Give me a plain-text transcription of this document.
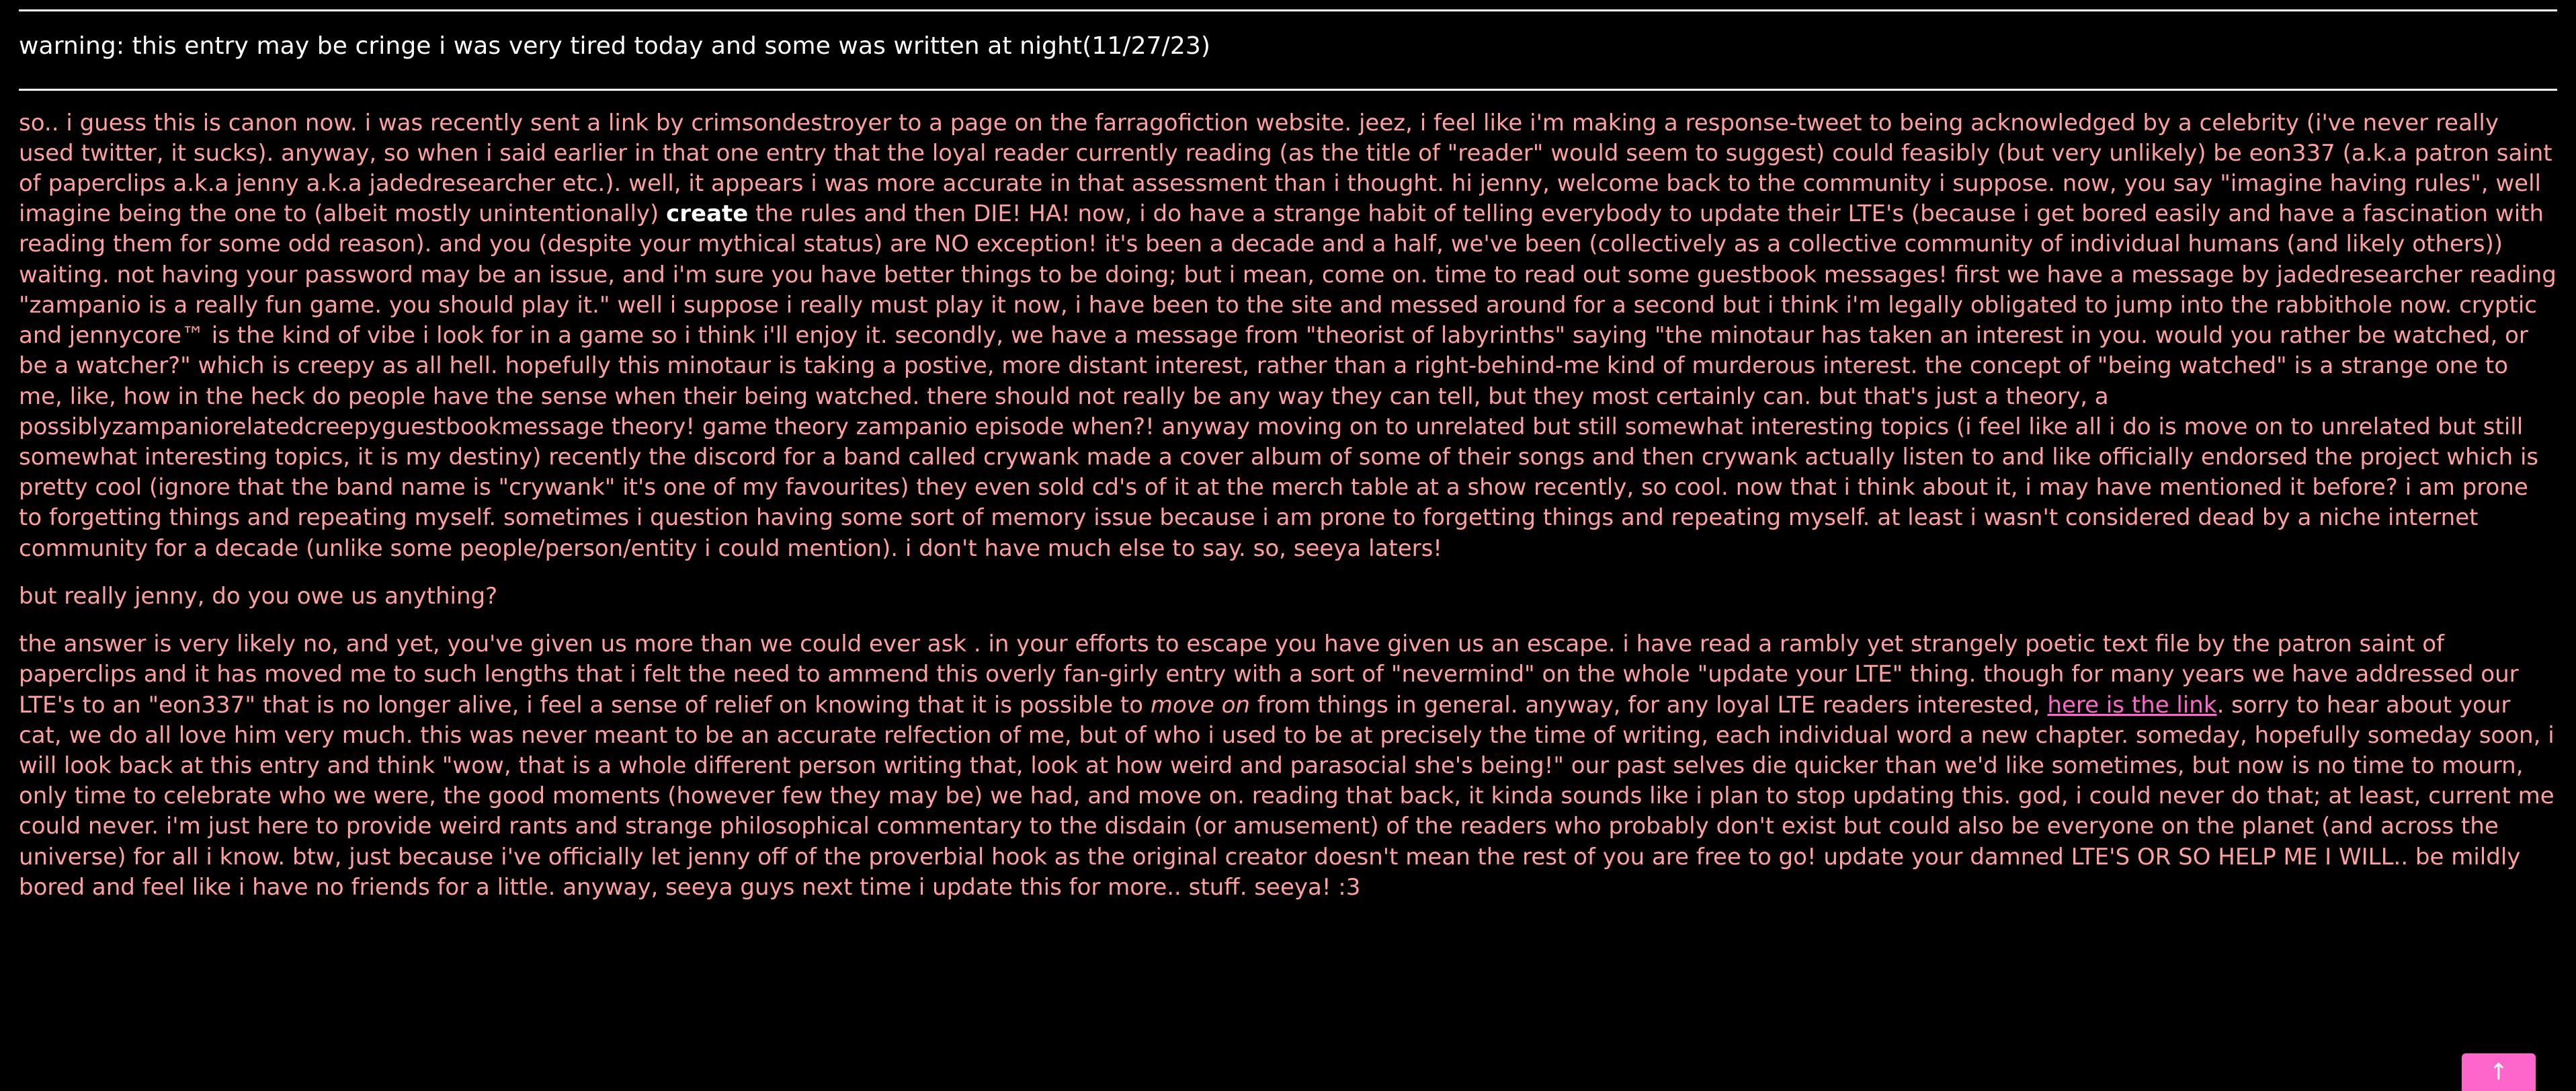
warning: this entry may be cringe i was very tired today and some was written at night(11/27/23)

so.. i guess this is canon now. i was recently sent a link by crimsondestroyer to a page on the farragofiction website. jeez, i feel like i'm making a response-tweet to being acknowledged by a celebrity (i've never really used twitter, it sucks). anyway, so when i said earlier in that one entry that the loyal reader currently reading (as the title of "reader" would seem to suggest) could feasibly (but very unlikely) be eon337 (a.k.a patron saint of paperclips a.k.a jenny a.k.a jadedresearcher etc.). well, it appears i was more accurate in that assessment than i thought. hi jenny, welcome back to the community i suppose. now, you say "imagine having rules", well imagine being the one to (albeit mostly unintentionally) create the rules and then DIE! HA! now, i do have a strange habit of telling everybody to update their LTE's (because i get bored easily and have a fascination with reading them for some odd reason). and you (despite your mythical status) are NO exception! it's been a decade and a half, we've been (collectively as a collective community of individual humans (and likely others)) waiting. not having your password may be an issue, and i'm sure you have better things to be doing; but i mean, come on. time to read out some guestbook messages! first we have a message by jadedresearcher reading "zampanio is a really fun game. you should play it." well i suppose i really must play it now, i have been to the site and messed around for a second but i think i'm legally obligated to jump into the rabbithole now. cryptic and jennycore™ is the kind of vibe i look for in a game so i think i'll enjoy it. secondly, we have a message from "theorist of labyrinths" saying "the minotaur has taken an interest in you. would you rather be watched, or be a watcher?" which is creepy as all hell. hopefully this minotaur is taking a postive, more distant interest, rather than a right-behind-me kind of murderous interest. the concept of "being watched" is a strange one to me, like, how in the heck do people have the sense when their being watched. there should not really be any way they can tell, but they most certainly can. but that's just a theory, a possiblyzampaniorelatedcreepyguestbookmessage theory! game theory zampanio episode when?! anyway moving on to unrelated but still somewhat interesting topics (i feel like all i do is move on to unrelated but still somewhat interesting topics, it is my destiny) recently the discord for a band called crywank made a cover album of some of their songs and then crywank actually listen to and like officially endorsed the project which is pretty cool (ignore that the band name is "crywank" it's one of my favourites) they even sold cd's of it at the merch table at a show recently, so cool. now that i think about it, i may have mentioned it before? i am prone to forgetting things and repeating myself. sometimes i question having some sort of memory issue because i am prone to forgetting things and repeating myself. at least i wasn't considered dead by a niche internet community for a decade (unlike some people/person/entity i could mention). i don't have much else to say. so, seeya laters!

but really jenny, do you owe us anything?

the answer is very likely no, and yet, you've given us more than we could ever ask . in your efforts to escape you have given us an escape. i have read a rambly yet strangely poetic text file by the patron saint of paperclips and it has moved me to such lengths that i felt the need to ammend this overly fan-girly entry with a sort of "nevermind" on the whole "update your LTE" thing. though for many years we have addressed our LTE's to an "eon337" that is no longer alive, i feel a sense of relief on knowing that it is possible to move on from things in general. anyway, for any loyal LTE readers interested, here is the link. sorry to hear about your cat, we do all love him very much. this was never meant to be an accurate relfection of me, but of who i used to be at precisely the time of writing, each individual word a new chapter. someday, hopefully someday soon, i will look back at this entry and think "wow, that is a whole different person writing that, look at how weird and parasocial she's being!" our past selves die quicker than we'd like sometimes, but now is no time to mourn, only time to celebrate who we were, the good moments (however few they may be) we had, and move on. reading that back, it kinda sounds like i plan to stop updating this. god, i could never do that; at least, current me could never. i'm just here to provide weird rants and strange philosophical commentary to the disdain (or amusement) of the readers who probably don't exist but could also be everyone on the planet (and across the universe) for all i know. btw, just because i've officially let jenny off of the proverbial hook as the original creator doesn't mean the rest of you are free to go! update your damned LTE'S OR SO HELP ME I WILL.. be mildly bored and feel like i have no friends for a little. anyway, seeya guys next time i update this for more.. stuff. seeya! :3

↑
